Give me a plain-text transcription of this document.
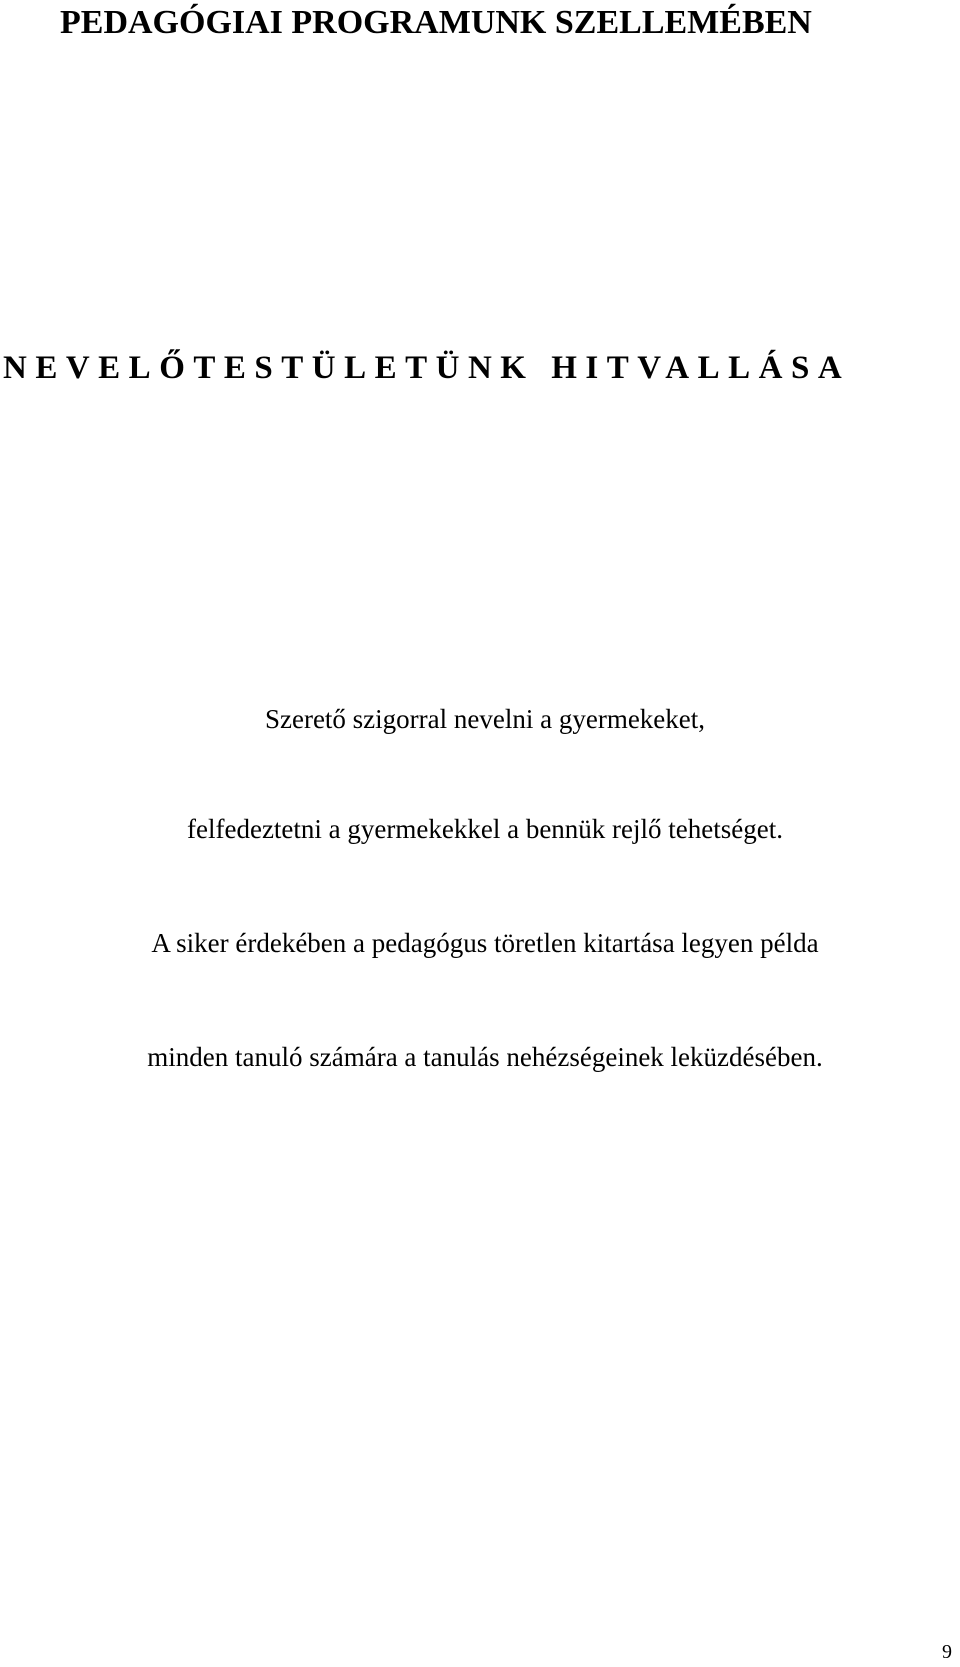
PEDAGÓGIAI PROGRAMUNK SZELLEMÉBEN
NEVELŐTESTÜLETÜNK HITVALLÁSA

Szerető szigorral nevelni a gyermekeket,

felfedeztetni a gyermekekkel a bennük rejlő tehetséget.

A siker érdekében a pedagógus töretlen kitartása legyen példa

minden tanuló számára a tanulás nehézségeinek leküzdésében.

9
